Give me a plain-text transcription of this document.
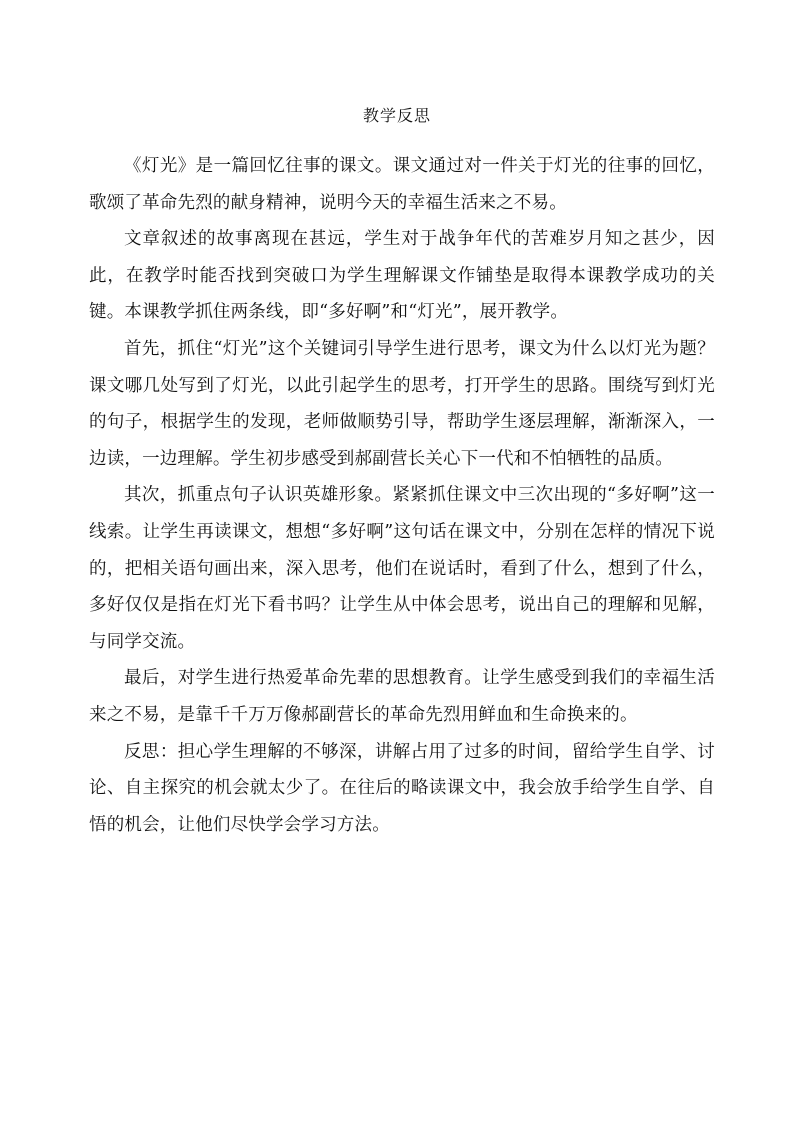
教学反思

《灯光》是一篇回忆往事的课文。课文通过对一件关于灯光的往事的回忆，歌颂了革命先烈的献身精神，说明今天的幸福生活来之不易。

文章叙述的故事离现在甚远，学生对于战争年代的苦难岁月知之甚少，因此，在教学时能否找到突破口为学生理解课文作铺垫是取得本课教学成功的关键。本课教学抓住两条线，即“多好啊”和“灯光”，展开教学。

首先，抓住“灯光”这个关键词引导学生进行思考，课文为什么以灯光为题？课文哪几处写到了灯光，以此引起学生的思考，打开学生的思路。围绕写到灯光的句子，根据学生的发现，老师做顺势引导，帮助学生逐层理解，渐渐深入，一边读，一边理解。学生初步感受到郝副营长关心下一代和不怕牺牲的品质。

其次，抓重点句子认识英雄形象。紧紧抓住课文中三次出现的“多好啊”这一线索。让学生再读课文，想想“多好啊”这句话在课文中，分别在怎样的情况下说的，把相关语句画出来，深入思考，他们在说话时，看到了什么，想到了什么，多好仅仅是指在灯光下看书吗？让学生从中体会思考，说出自己的理解和见解，与同学交流。

最后，对学生进行热爱革命先辈的思想教育。让学生感受到我们的幸福生活来之不易，是靠千千万万像郝副营长的革命先烈用鲜血和生命换来的。

反思：担心学生理解的不够深，讲解占用了过多的时间，留给学生自学、讨论、自主探究的机会就太少了。在往后的略读课文中，我会放手给学生自学、自悟的机会，让他们尽快学会学习方法。
